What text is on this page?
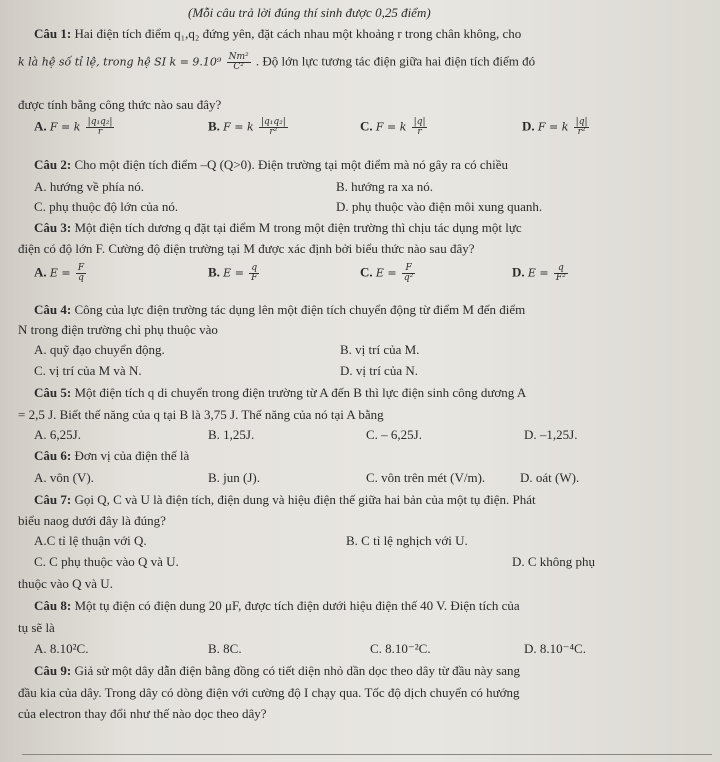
(Mỗi câu trả lời đúng thí sinh được 0,25 điểm)
Câu 1: Hai điện tích điểm q₁,q₂ đứng yên, đặt cách nhau một khoảng r trong chân không, cho
k là hệ số tỉ lệ, trong hệ SI $k = 9.10^9 \frac{\text{Nm²}}{\text{C²}}$ . Độ lớn lực tương tác điện giữa hai điện tích điểm đó
được tính bằng công thức nào sau đây?
A. F = k $\frac{\text{|q₁q₂|}}{r}$	B. F = k $\frac{\text{|q₁q₂|}}{\text{r²}}$	C. F = k $\frac{|q|}{r}$	D. F = k $\frac{|q|}{\text{r²}}$
Câu 2: Cho một điện tích điểm –Q (Q>0). Điện trường tại một điểm mà nó gây ra có chiều
A. hướng về phía nó.	B. hướng ra xa nó.
C. phụ thuộc độ lớn của nó.	D. phụ thuộc vào điện môi xung quanh.
Câu 3: Một điện tích dương q đặt tại điểm M trong một điện trường thì chịu tác dụng một lực
điện có độ lớn F. Cường độ điện trường tại M được xác định bởi biểu thức nào sau đây?
A. $E = \frac{F}{q}$	B. $E = \frac{q}{F}$	C. $E = \frac{F}{\text{q²}}$	D. $E = \frac{q}{\text{F²}}$
Câu 4: Công của lực điện trường tác dụng lên một điện tích chuyển động từ điểm M đến điểm
N trong điện trường chỉ phụ thuộc vào
A. quỹ đạo chuyển động.	B. vị trí của M.
C. vị trí của M và N.	D. vị trí của N.
Câu 5: Một điện tích q di chuyển trong điện trường từ A đến B thì lực điện sinh công dương A
= 2,5 J. Biết thế năng của q tại B là 3,75 J. Thế năng của nó tại A bằng
A. 6,25J.	B. 1,25J.	C. – 6,25J.	D. –1,25J.
Câu 6: Đơn vị của điện thế là
A. vôn (V).	B. jun (J).	C. vôn trên mét (V/m).	D. oát (W).
Câu 7: Gọi Q, C và U là điện tích, điện dung và hiệu điện thế giữa hai bản của một tụ điện. Phát
biểu naog dưới đây là đúng?
A.C tỉ lệ thuận với Q.	B. C tỉ lệ nghịch với U.
C. C phụ thuộc vào Q và U.	D. C không phụ
thuộc vào Q và U.
Câu 8: Một tụ điện có điện dung 20 μF, được tích điện dưới hiệu điện thế 40 V. Điện tích của
tụ sẽ là
A. 8.10²C.	B. 8C.	C. 8.10⁻²C.	D. 8.10⁻⁴C.
Câu 9: Giả sử một dây dẫn điện bằng đồng có tiết diện nhỏ dần dọc theo dây từ đầu này sang
đầu kia của dây. Trong dây có dòng điện với cường độ I chạy qua. Tốc độ dịch chuyển có hướng
của electron thay đổi như thế nào dọc theo dây?
